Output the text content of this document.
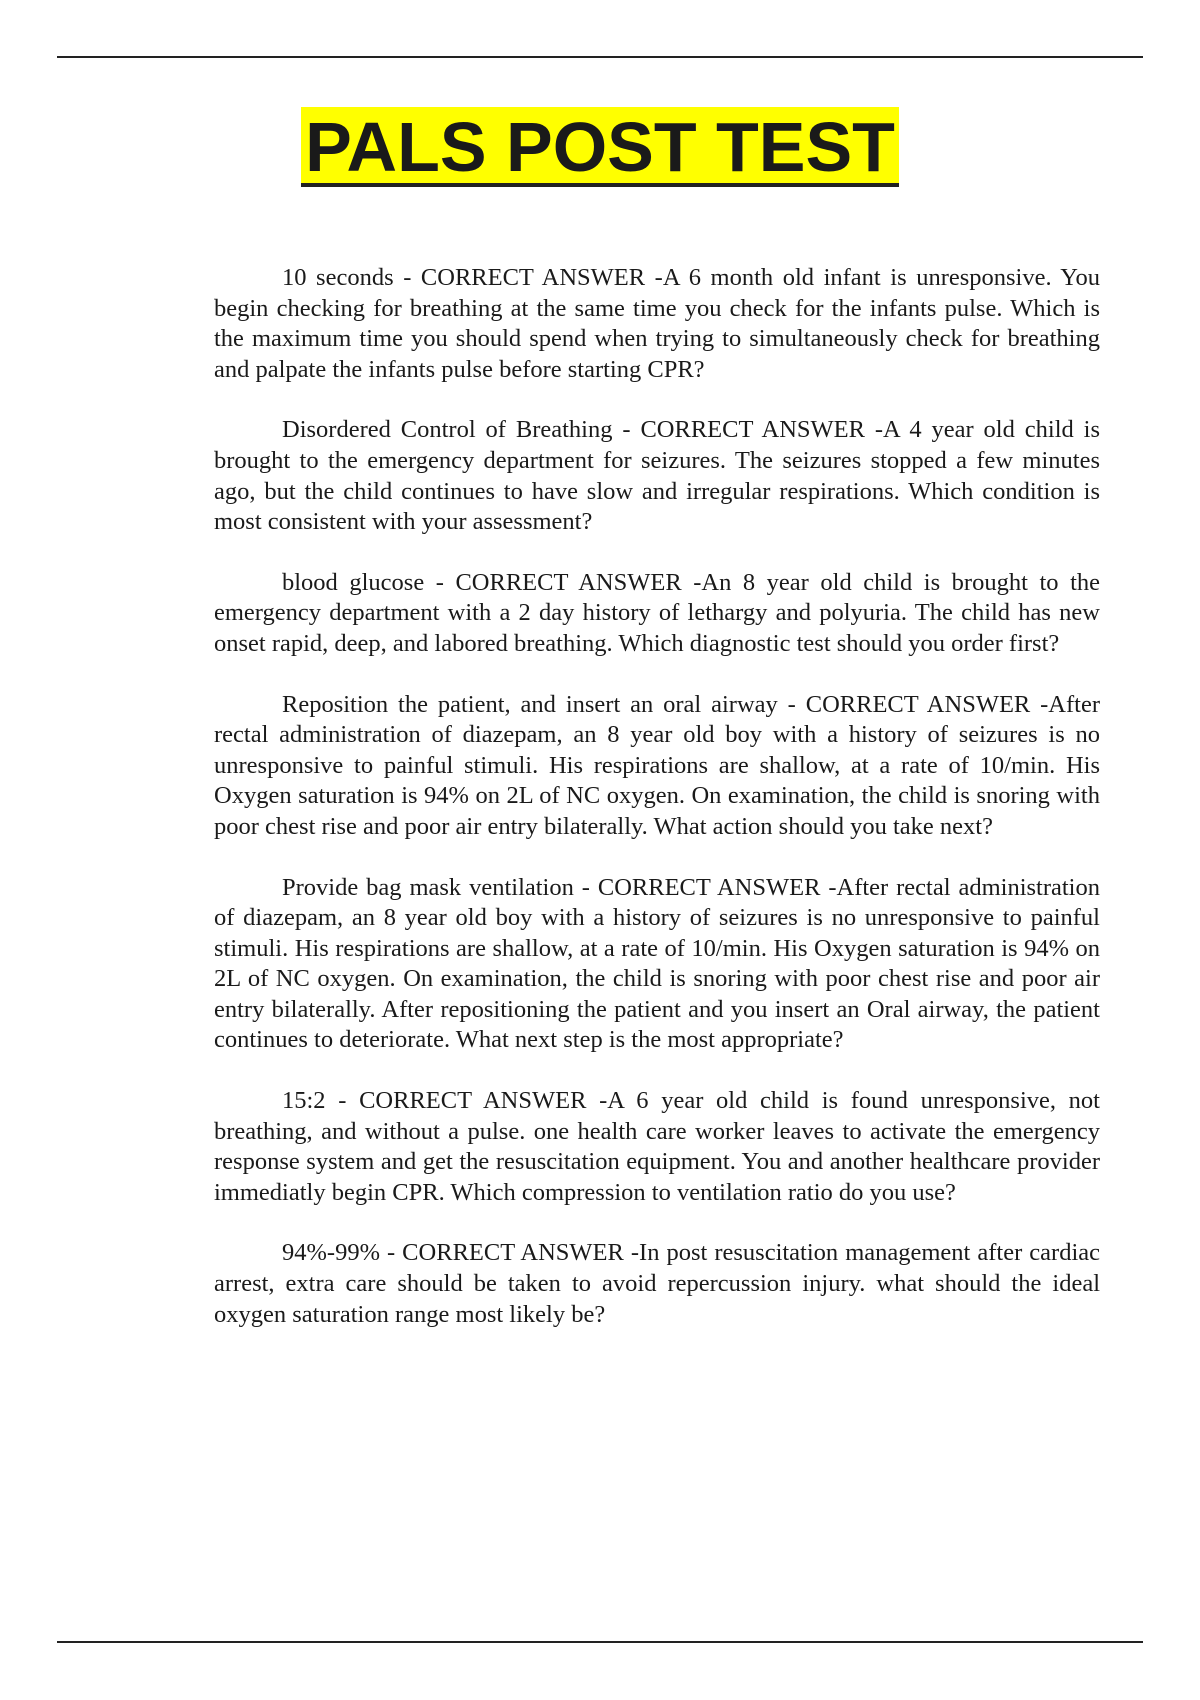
PALS POST TEST

10 seconds - CORRECT ANSWER -A 6 month old infant is unresponsive. You begin checking for breathing at the same time you check for the infants pulse. Which is the maximum time you should spend when trying to simultaneously check for breathing and palpate the infants pulse before starting CPR?

Disordered Control of Breathing - CORRECT ANSWER -A 4 year old child is brought to the emergency department for seizures. The seizures stopped a few minutes ago, but the child continues to have slow and irregular respirations. Which condition is most consistent with your assessment?

blood glucose - CORRECT ANSWER -An 8 year old child is brought to the emergency department with a 2 day history of lethargy and polyuria. The child has new onset rapid, deep, and labored breathing. Which diagnostic test should you order first?

Reposition the patient, and insert an oral airway - CORRECT ANSWER -After rectal administration of diazepam, an 8 year old boy with a history of seizures is no unresponsive to painful stimuli. His respirations are shallow, at a rate of 10/min. His Oxygen saturation is 94% on 2L of NC oxygen. On examination, the child is snoring with poor chest rise and poor air entry bilaterally. What action should you take next?

Provide bag mask ventilation - CORRECT ANSWER -After rectal administration of diazepam, an 8 year old boy with a history of seizures is no unresponsive to painful stimuli. His respirations are shallow, at a rate of 10/min. His Oxygen saturation is 94% on 2L of NC oxygen. On examination, the child is snoring with poor chest rise and poor air entry bilaterally. After repositioning the patient and you insert an Oral airway, the patient continues to deteriorate. What next step is the most appropriate?

15:2 - CORRECT ANSWER -A 6 year old child is found unresponsive, not breathing, and without a pulse. one health care worker leaves to activate the emergency response system and get the resuscitation equipment. You and another healthcare provider immediatly begin CPR. Which compression to ventilation ratio do you use?

94%-99% - CORRECT ANSWER -In post resuscitation management after cardiac arrest, extra care should be taken to avoid repercussion injury. what should the ideal oxygen saturation range most likely be?
